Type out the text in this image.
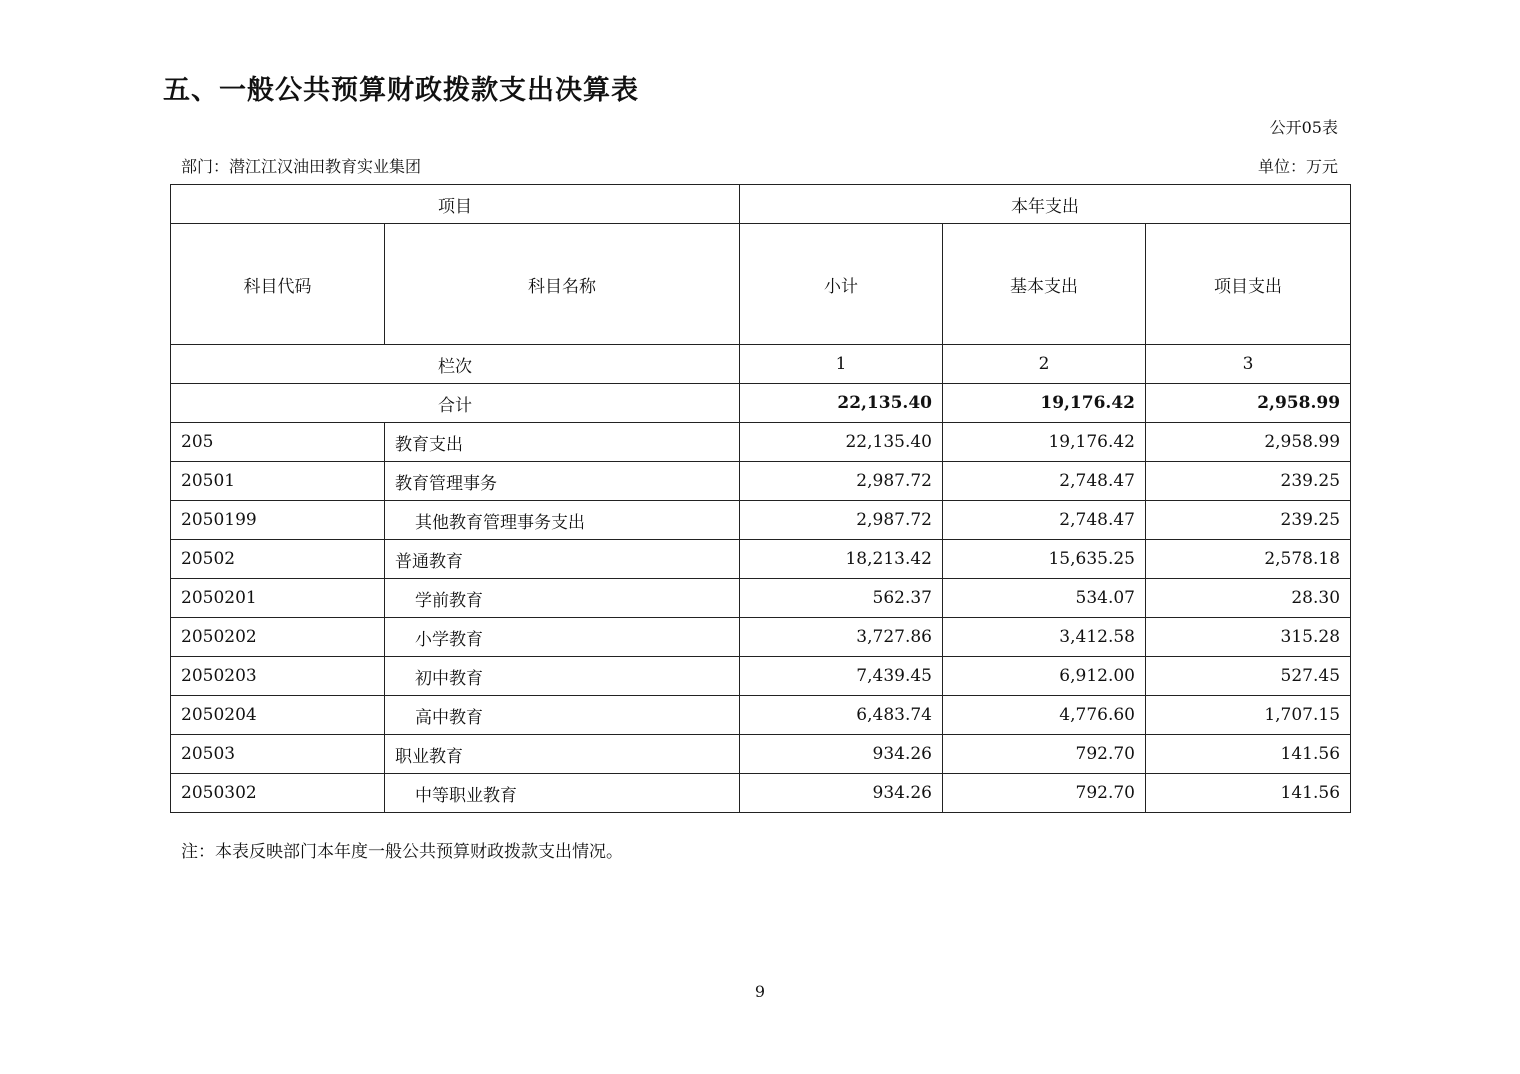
五、一般公共预算财政拨款支出决算表
公开05表
部门：潜江江汉油田教育实业集团	单位：万元
项目		本年支出		
科目代码	科目名称	小计	基本支出	项目支出
栏次		1	2	3
合计		22,135.40	19,176.42	2,958.99
205	教育支出	22,135.40	19,176.42	2,958.99
20501	教育管理事务	2,987.72	2,748.47	239.25
2050199	其他教育管理事务支出	2,987.72	2,748.47	239.25
20502	普通教育	18,213.42	15,635.25	2,578.18
2050201	学前教育	562.37	534.07	28.30
2050202	小学教育	3,727.86	3,412.58	315.28
2050203	初中教育	7,439.45	6,912.00	527.45
2050204	高中教育	6,483.74	4,776.60	1,707.15
20503	职业教育	934.26	792.70	141.56
2050302	中等职业教育	934.26	792.70	141.56
注：本表反映部门本年度一般公共预算财政拨款支出情况。
9
